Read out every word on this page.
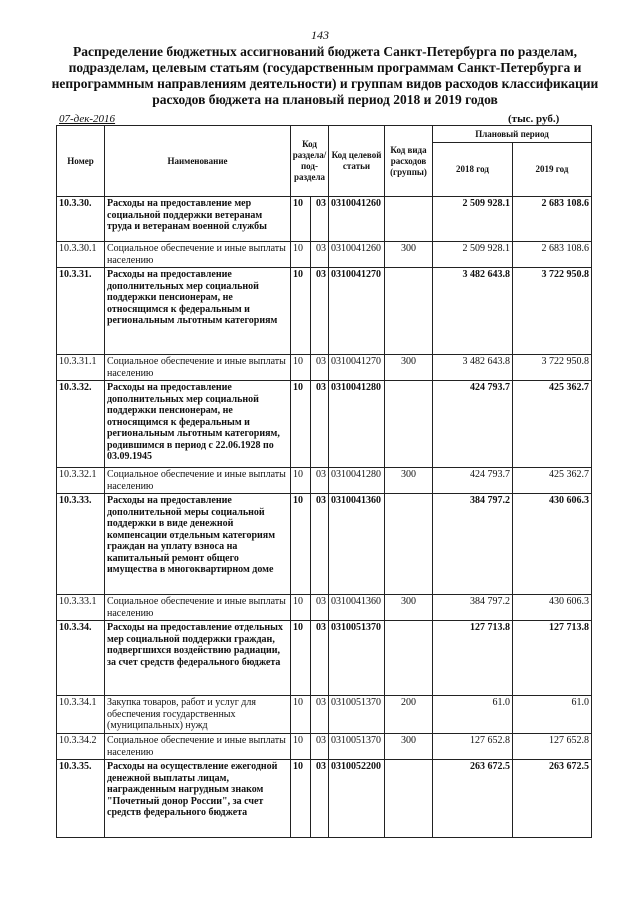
143
Распределение бюджетных ассигнований бюджета Санкт-Петербурга по разделам, подразделам, целевым статьям (государственным программам Санкт-Петербурга и непрограммным направлениям деятельности) и группам видов расходов классификации расходов бюджета на плановый период 2018 и 2019 годов
07-дек-2016	(тыс. руб.)
Номер	Наименование	Код раздела/ под- раздела		Код целевой статьи	Код вида расходов (группы)	Плановый период	
						2018 год	2019 год
10.3.30.	Расходы на предоставление мер социальной поддержки ветеранам труда и ветеранам военной службы	10	03	0310041260		2 509 928.1	2 683 108.6
10.3.30.1	Социальное обеспечение и иные выплаты населению	10	03	0310041260	300	2 509 928.1	2 683 108.6
10.3.31.	Расходы на предоставление дополнительных мер социальной поддержки пенсионерам, не относящимся к федеральным и региональным льготным категориям	10	03	0310041270		3 482 643.8	3 722 950.8
10.3.31.1	Социальное обеспечение и иные выплаты населению	10	03	0310041270	300	3 482 643.8	3 722 950.8
10.3.32.	Расходы на предоставление дополнительных мер социальной поддержки пенсионерам, не относящимся к федеральным и региональным льготным категориям, родившимся в период с 22.06.1928 по 03.09.1945	10	03	0310041280		424 793.7	425 362.7
10.3.32.1	Социальное обеспечение и иные выплаты населению	10	03	0310041280	300	424 793.7	425 362.7
10.3.33.	Расходы на предоставление дополнительной меры социальной поддержки в виде денежной компенсации отдельным категориям граждан на уплату взноса на капитальный ремонт общего имущества в многоквартирном доме	10	03	0310041360		384 797.2	430 606.3
10.3.33.1	Социальное обеспечение и иные выплаты населению	10	03	0310041360	300	384 797.2	430 606.3
10.3.34.	Расходы на предоставление отдельных мер социальной поддержки граждан, подвергшихся воздействию радиации, за счет средств федерального бюджета	10	03	0310051370		127 713.8	127 713.8
10.3.34.1	Закупка товаров, работ и услуг для обеспечения государственных (муниципальных) нужд	10	03	0310051370	200	61.0	61.0
10.3.34.2	Социальное обеспечение и иные выплаты населению	10	03	0310051370	300	127 652.8	127 652.8
10.3.35.	Расходы на осуществление ежегодной денежной выплаты лицам, награжденным нагрудным знаком "Почетный донор России", за счет средств федерального бюджета	10	03	0310052200		263 672.5	263 672.5
